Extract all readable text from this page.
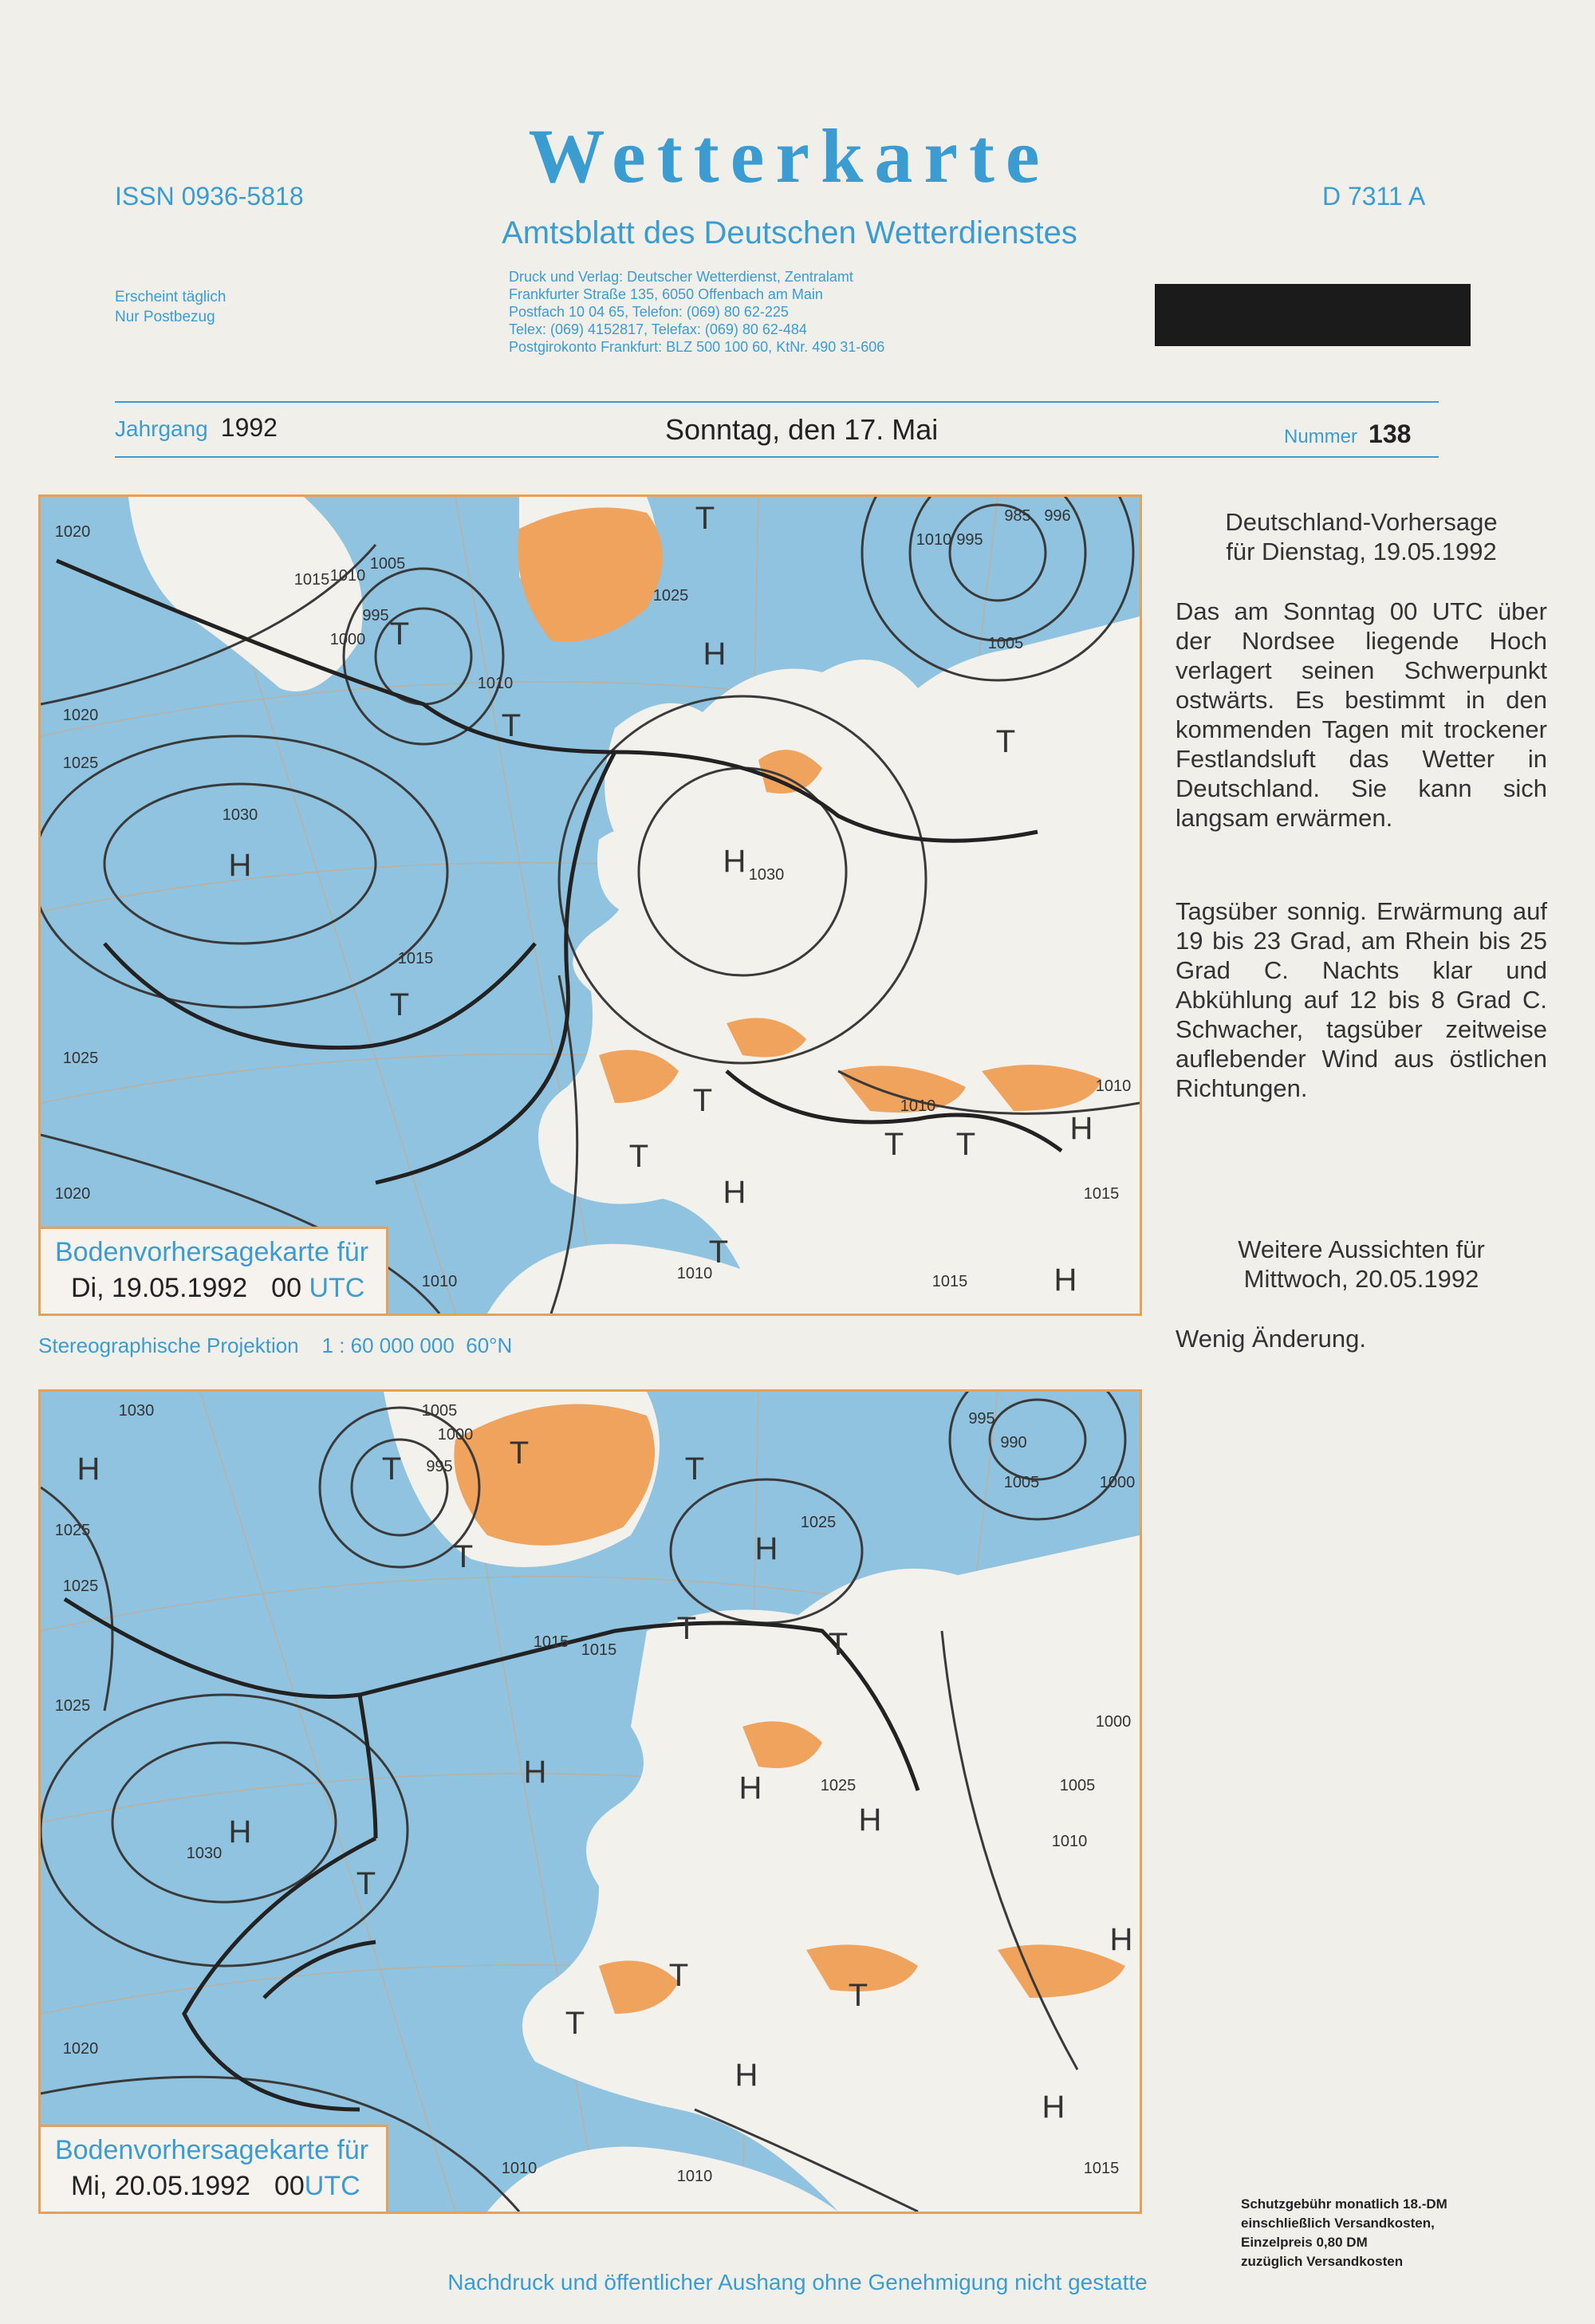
ISSN 0936-5818	Wetterkarte
Amtsblatt des Deutschen Wetterdienstes
D 7311 A
Erscheint täglich
Nur Postbezug
Druck und Verlag: Deutscher Wetterdienst, Zentralamt
Frankfurter Straße 135, 6050 Offenbach am Main
Postfach 10 04 65, Telefon: (069) 80 62-225
Telex: (069) 4152817, Telefax: (069) 80 62-484
Postgirokonto Frankfurt: BLZ 500 100 60, KtNr. 490 31-606
Jahrgang 1992	Sonntag, den 17. Mai	Nummer 138
H
H
H
H
H
H
T
T
T
T
T
T
T	T T
T
1020
1020
1025
1025
1030
1015 1010
1005
1000
995
1010
1025
1030
1015
1010
1010
1015
1020
1010
1010 995
985 996
1005
1015
1010
Bodenvorhersagekarte für
Di, 19.05.1992 00 UTC
Stereographische Projektion    1 : 60 000 000  60°N
H
H
H	H
H
H
H
H
H
T	T	T
T
T	T
T
T
T
T
1030
1025
1025
1025
1020
1030	1005
1000
995
1015
1025
1025
995
990
1000
1005
1010
1000
1005
1015
1010	1010
1015
Bodenvorhersagekarte für
Mi, 20.05.1992 00UTC
Deutschland-Vorhersage
für Dienstag, 19.05.1992

Das am Sonntag 00 UTC über der Nordsee liegende Hoch verlagert seinen Schwerpunkt ostwärts. Es bestimmt in den kommenden Tagen mit trockener Festlandsluft das Wetter in Deutschland. Sie kann sich langsam erwärmen.

Tagsüber sonnig. Erwärmung auf 19 bis 23 Grad, am Rhein bis 25 Grad C. Nachts klar und Abkühlung auf 12 bis 8 Grad C. Schwacher, tagsüber zeitweise auflebender Wind aus östlichen Richtungen.

Weitere Aussichten für
Mittwoch, 20.05.1992
Wenig Änderung.
Schutzgebühr monatlich 18.-DM
einschließlich Versandkosten,
Einzelpreis 0,80 DM
zuzüglich Versandkosten
Nachdruck und öffentlicher Aushang ohne Genehmigung nicht gestatte
